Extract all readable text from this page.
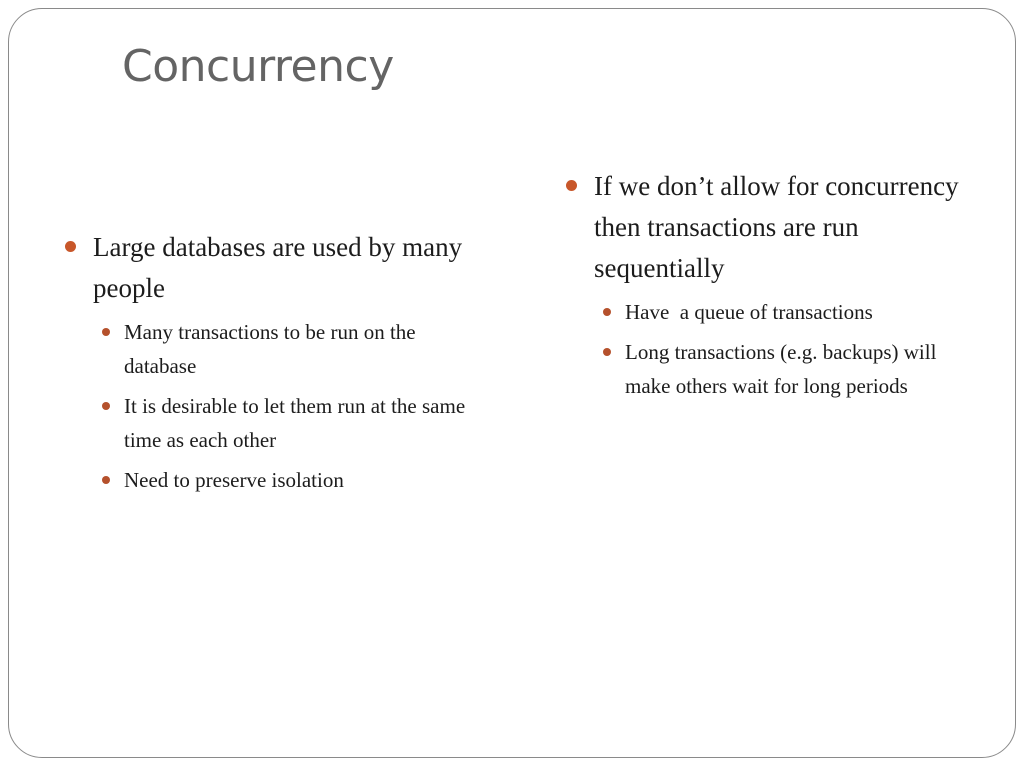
Concurrency
Large databases are used by many people
Many transactions to be run on the database
It is desirable to let them run at the same time as each other
Need to preserve isolation
If we don’t allow for concurrency then transactions are run sequentially
Have  a queue of transactions
Long transactions (e.g. backups) will make others wait for long periods
